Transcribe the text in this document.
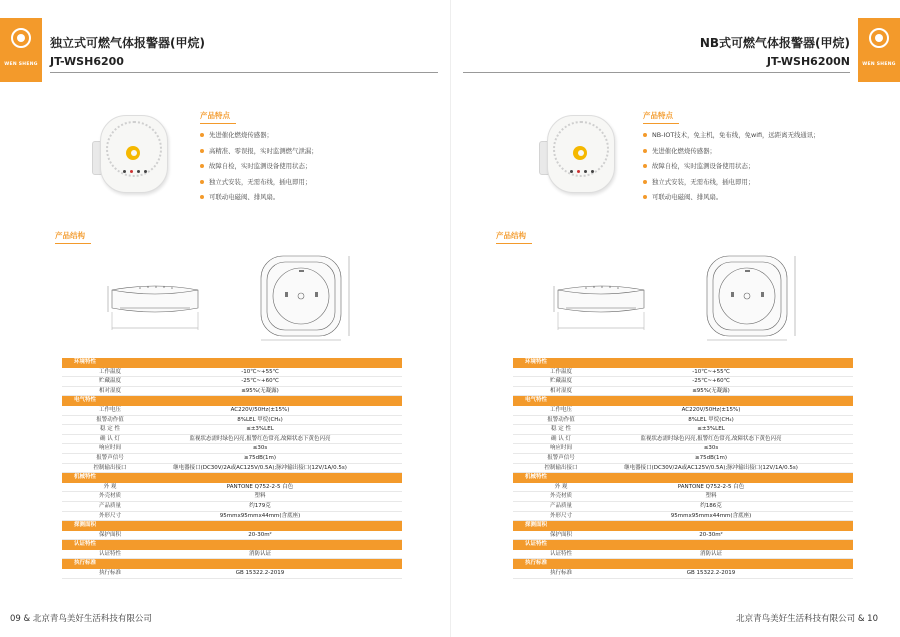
WEN SHENG
独立式可燃气体报警器(甲烷)
JT-WSH6200
产品特点
先进催化燃烧传感器；
高精准、零误报，实时监测燃气泄漏；
故障自检，实时监测设备使用状态；
独立式安装，无需布线，插电即用；
可联动电磁阀、排风扇。
产品结构
环境特性
工作温度	-10℃~+55℃
贮藏温度	-25℃~+60℃
相对湿度	≤95%(无凝露)
电气特性
工作电压	AC220V/50Hz(±15%)
报警动作值	8%LEL 甲烷(CH₄)
稳 定 性	≤±3%LEL
确 认 灯	监视状态需时绿色闪亮,报警红色常亮,故障状态下黄色闪亮
响应时间	≤30s
报警声信号	≥75dB(1m)
控制输出接口	继电器接口(DC30V/2A或AC125V/0.5A);脉冲输出接口(12V/1A/0.5s)
机械特性
外 观	PANTONE Q752-2-5 白色
外壳材质	塑料
产品质量	约179克
外形尺寸	95mmx95mmx44mm(含底座)
探测面积
保护面积	20-30m²
认证特性
认证特性	消防认证
执行标准
执行标准	GB 15322.2-2019
09 & 北京青鸟美好生活科技有限公司
WEN SHENG
NB式可燃气体报警器(甲烷)
JT-WSH6200N
产品特点
NB-IOT技术，免主机，免布线，免wifi，远距离无线通讯；
先进催化燃烧传感器；
故障自检，实时监测设备使用状态；
独立式安装，无需布线，插电即用；
可联动电磁阀、排风扇。
产品结构
环境特性
工作温度	-10℃~+55℃
贮藏温度	-25℃~+60℃
相对湿度	≤95%(无凝露)
电气特性
工作电压	AC220V/50Hz(±15%)
报警动作值	8%LEL 甲烷(CH₄)
稳 定 性	≤±3%LEL
确 认 灯	监视状态需时绿色闪亮,报警红色常亮,故障状态下黄色闪亮
响应时间	≤30s
报警声信号	≥75dB(1m)
控制输出接口	继电器接口(DC30V/2A或AC125V/0.5A);脉冲输出接口(12V/1A/0.5s)
机械特性
外 观	PANTONE Q752-2-5 白色
外壳材质	塑料
产品质量	约186克
外形尺寸	95mmx95mmx44mm(含底座)
探测面积
保护面积	20-30m²
认证特性
认证特性	消防认证
执行标准
执行标准	GB 15322.2-2019
北京青鸟美好生活科技有限公司 & 10
